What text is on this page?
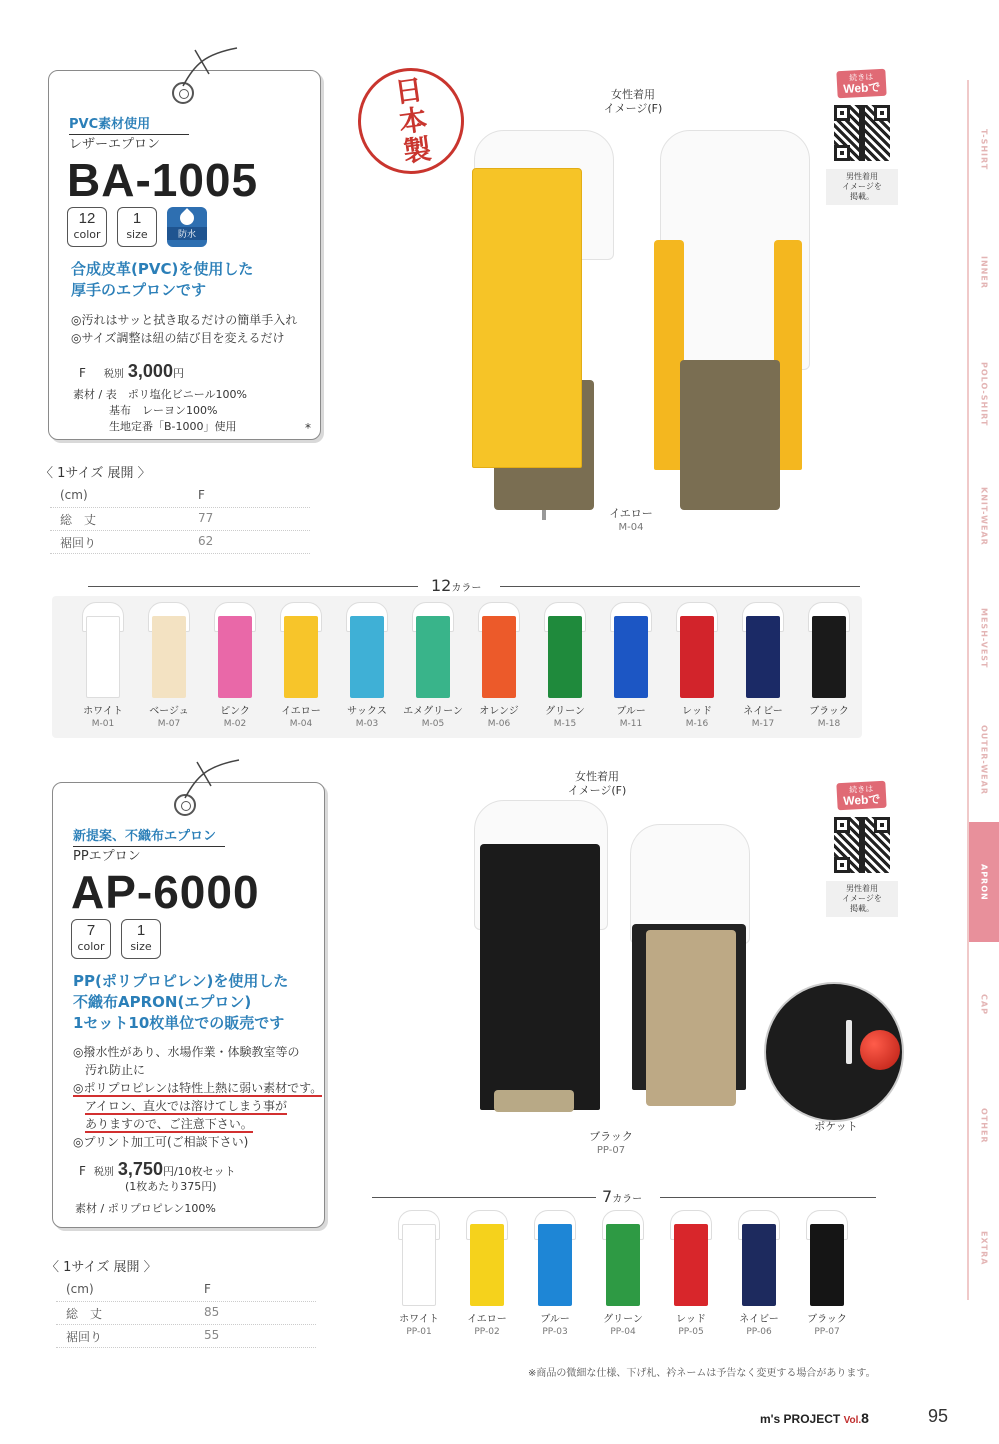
T-SHIRT
INNER
POLO-SHIRT
KNIT-WEAR
MESH-VEST
OUTER-WEAR
APRON
CAP
OTHER
EXTRA
PVC素材使用
レザーエプロン
BA-1005
12
color
1
size	防水
合成皮革(PVC)を使用した
厚手のエプロンです
◎汚れはサッと拭き取るだけの簡単手入れ
◎サイズ調整は紐の結び目を変えるだけ
F 税別 3,000円
素材 / 表　ポリ塩化ビニール100%
基布　レーヨン100%
生地定番「B-1000」使用	*
〈 1サイズ 展開 〉
(cm)	F
総　丈	77
裾回り	62
日本製	女性着用
イメージ(F)
イエロー
M-04
続きは
Webで
男性着用
イメージを
掲載。
12カラー
ホワイト
M-01
ベージュ
M-07
ピンク
M-02
イエロー
M-04
サックス
M-03
エメグリーン
M-05
オレンジ
M-06
グリーン
M-15
ブルー
M-11
レッド
M-16
ネイビー
M-17
ブラック
M-18
新提案、不織布エプロン
PPエプロン
AP-6000
7
color
1
size
PP(ポリプロピレン)を使用した
不織布APRON(エプロン)
1セット10枚単位での販売です
◎撥水性があり、水場作業・体験教室等の
汚れ防止に
◎ポリプロピレンは特性上熱に弱い素材です。
アイロン、直火では溶けてしまう事が
ありますので、ご注意下さい。
◎プリント加工可(ご相談下さい)
F 税別 3,750円/10枚セット
(1枚あたり375円)
素材 / ポリプロピレン100%
〈 1サイズ 展開 〉
(cm)	F
総　丈	85
裾回り	55
女性着用
イメージ(F)
ブラック
PP-07
ポケット
続きは
Webで
男性着用
イメージを
掲載。
7カラー
ホワイト
PP-01
イエロー
PP-02
ブルー
PP-03
グリーン
PP-04
レッド
PP-05
ネイビー
PP-06
ブラック
PP-07
※商品の微細な仕様、下げ札、衿ネームは予告なく変更する場合があります。
m's PROJECT Vol.8	95
